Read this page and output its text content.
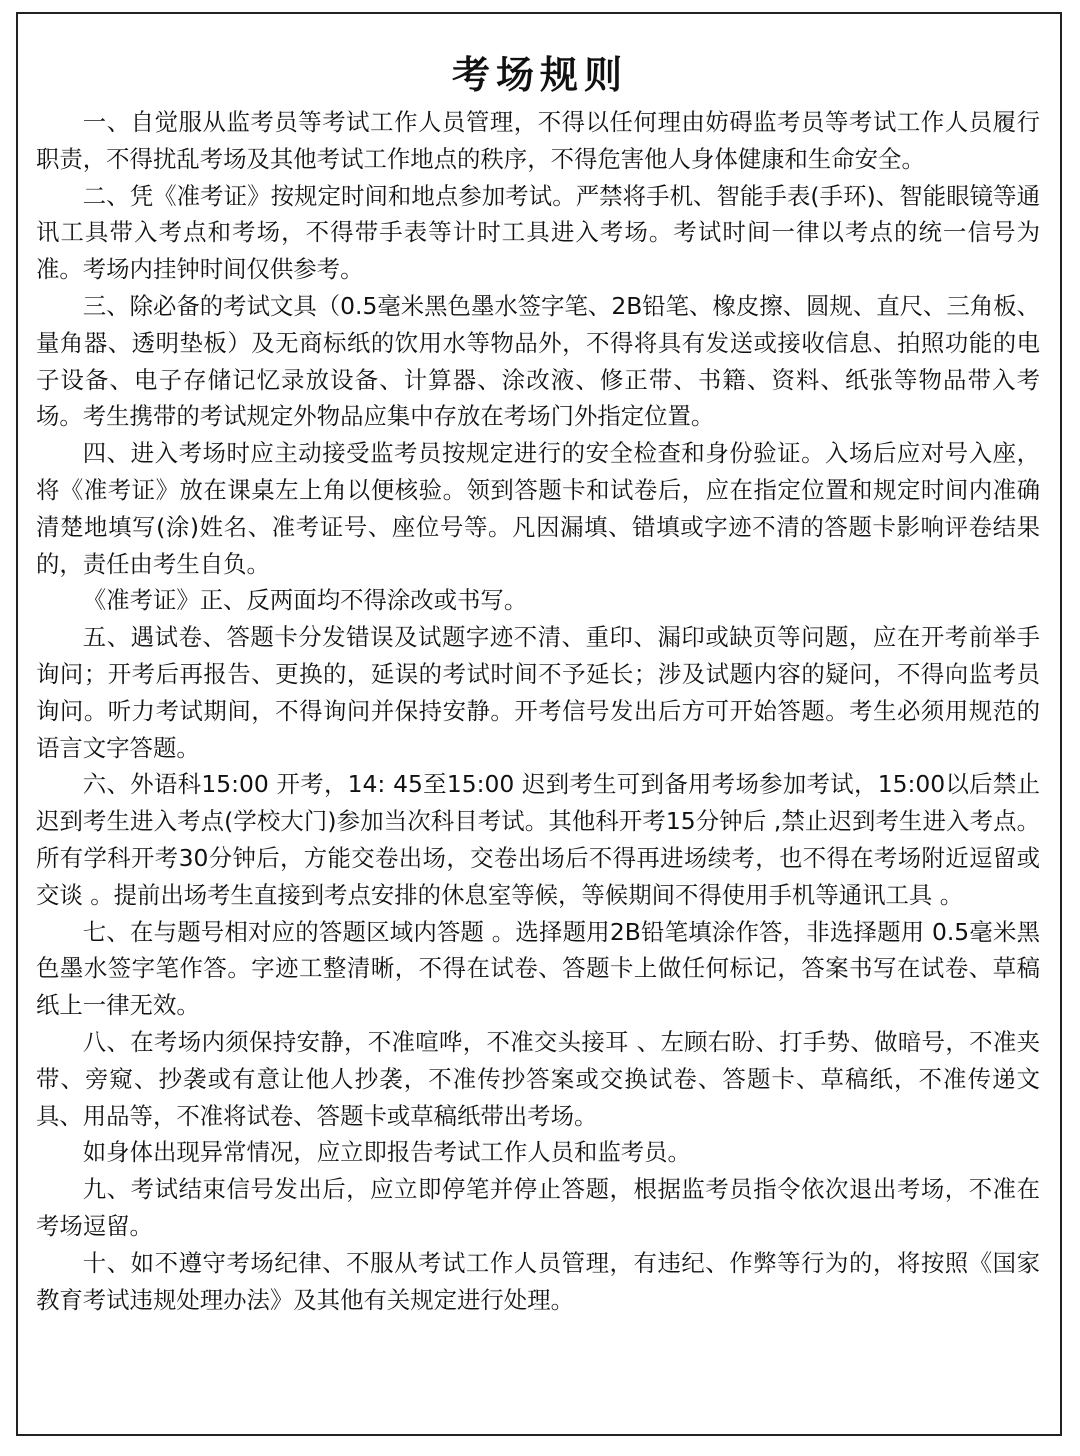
考场规则

一、自觉服从监考员等考试工作人员管理，不得以任何理由妨碍监考员等考试工作人员履行职责，不得扰乱考场及其他考试工作地点的秩序，不得危害他人身体健康和生命安全。

二、凭《准考证》按规定时间和地点参加考试。严禁将手机、智能手表(手环)、智能眼镜等通讯工具带入考点和考场，不得带手表等计时工具进入考场。考试时间一律以考点的统一信号为准。考场内挂钟时间仅供参考。

三、除必备的考试文具（0.5毫米黑色墨水签字笔、2B铅笔、橡皮擦、圆规、直尺、三角板、量角器、透明垫板）及无商标纸的饮用水等物品外，不得将具有发送或接收信息、拍照功能的电子设备、电子存储记忆录放设备、计算器、涂改液、修正带、书籍、资料、纸张等物品带入考场。考生携带的考试规定外物品应集中存放在考场门外指定位置。

四、进入考场时应主动接受监考员按规定进行的安全检查和身份验证。入场后应对号入座，将《准考证》放在课桌左上角以便核验。领到答题卡和试卷后，应在指定位置和规定时间内准确清楚地填写(涂)姓名、准考证号、座位号等。凡因漏填、错填或字迹不清的答题卡影响评卷结果的，责任由考生自负。

《准考证》正、反两面均不得涂改或书写。

五、遇试卷、答题卡分发错误及试题字迹不清、重印、漏印或缺页等问题，应在开考前举手询问；开考后再报告、更换的，延误的考试时间不予延长；涉及试题内容的疑问，不得向监考员询问。听力考试期间，不得询问并保持安静。开考信号发出后方可开始答题。考生必须用规范的语言文字答题。

六、外语科15:00 开考，14: 45至15:00 迟到考生可到备用考场参加考试，15:00以后禁止迟到考生进入考点(学校大门)参加当次科目考试。其他科开考15分钟后 ,禁止迟到考生进入考点。所有学科开考30分钟后，方能交卷出场，交卷出场后不得再进场续考，也不得在考场附近逗留或交谈 。提前出场考生直接到考点安排的休息室等候，等候期间不得使用手机等通讯工具 。

七、在与题号相对应的答题区域内答题 。选择题用2B铅笔填涂作答，非选择题用 0.5毫米黑色墨水签字笔作答。字迹工整清晰，不得在试卷、答题卡上做任何标记，答案书写在试卷、草稿纸上一律无效。

八、在考场内须保持安静，不准喧哗，不准交头接耳 、左顾右盼、打手势、做暗号，不准夹带、旁窥、抄袭或有意让他人抄袭，不准传抄答案或交换试卷、答题卡、草稿纸，不准传递文具、用品等，不准将试卷、答题卡或草稿纸带出考场。

如身体出现异常情况，应立即报告考试工作人员和监考员。

九、考试结束信号发出后，应立即停笔并停止答题，根据监考员指令依次退出考场，不准在考场逗留。

十、如不遵守考场纪律、不服从考试工作人员管理，有违纪、作弊等行为的，将按照《国家教育考试违规处理办法》及其他有关规定进行处理。
